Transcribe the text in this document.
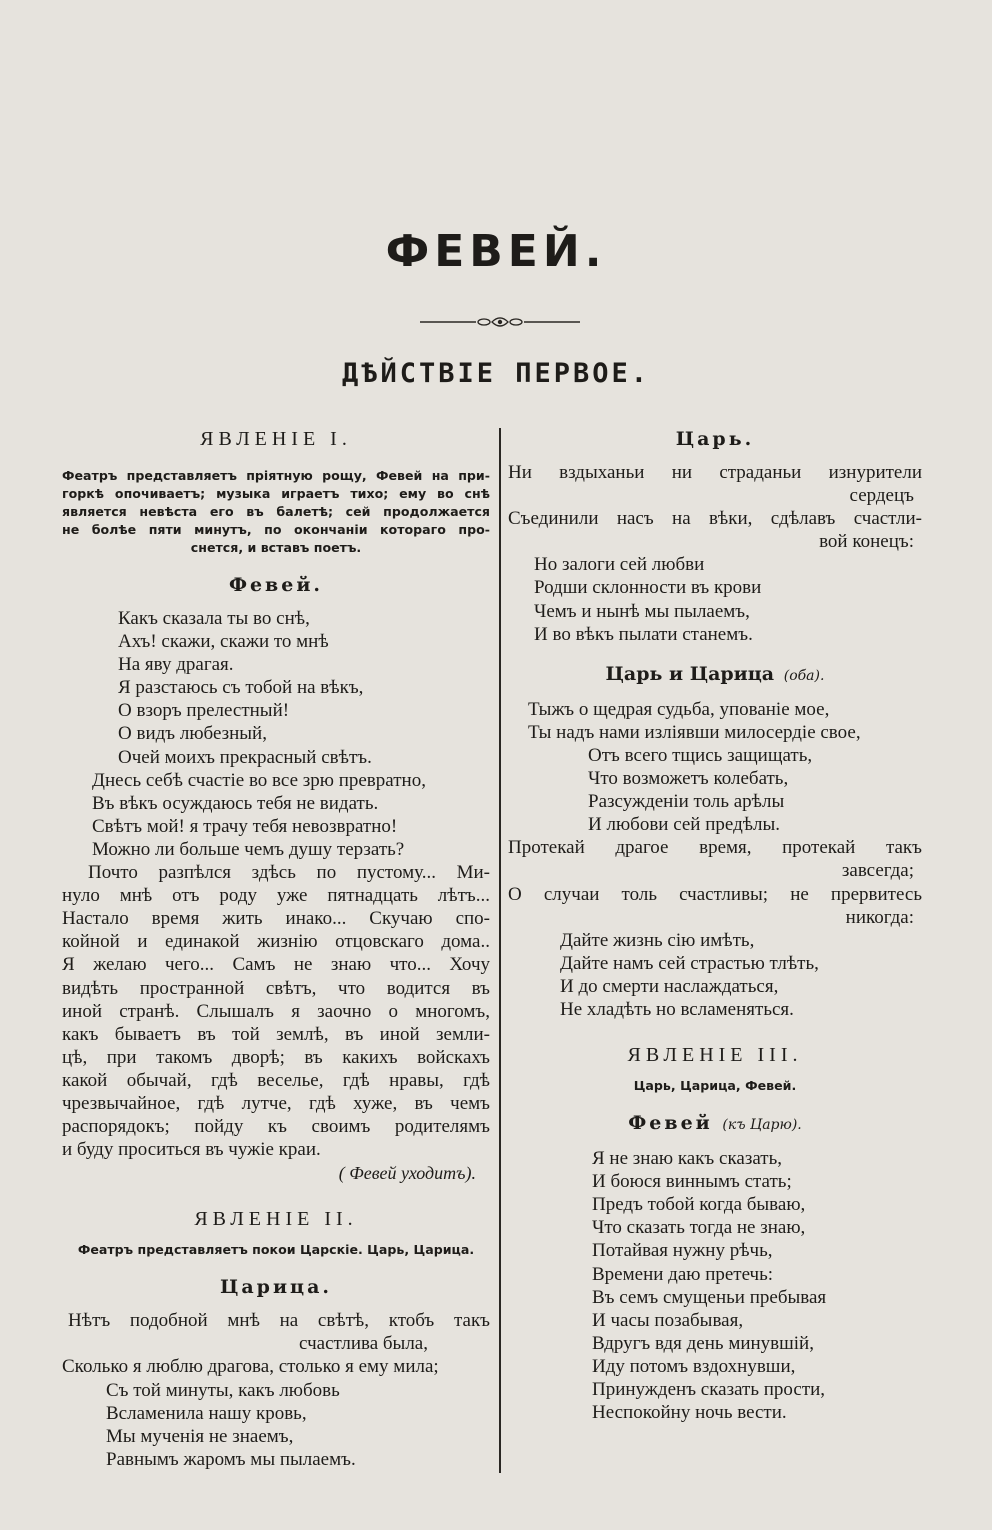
ФЕВЕЙ.
ДѢЙСТВІЕ ПЕРВОЕ.
ЯВЛЕНІЕ І.
Феатръ представляетъ пріятную рощу, Февей на при-
горкѣ опочиваетъ; музыка играетъ тихо; ему во снѣ
является невѣста его въ балетѣ; сей продолжается
не болѣе пяти минутъ, по окончаніи котораго про-
снется, и вставъ поетъ.
Февей.
Какъ сказала ты во снѣ,
Ахъ! скажи, скажи то мнѣ
На яву драгая.
Я разстаюсь съ тобой на вѣкъ,
О взоръ прелестный!
О видъ любезный,
Очей моихъ прекрасный свѣтъ.
Днесь себѣ счастіе во все зрю превратно,
Въ вѣкъ осуждаюсь тебя не видать.
Свѣтъ мой! я трачу тебя невозвратно!
Можно ли больше чемъ душу терзать?
Почто разпѣлся здѣсь по пустому... Ми-
нуло мнѣ отъ роду уже пятнадцать лѣтъ...
Настало время жить инако... Скучаю спо-
койной и единакой жизнію отцовскаго дома..
Я желаю чего... Самъ не знаю что... Хочу
видѣть пространной свѣтъ, что водится въ
иной странѣ. Слышалъ я заочно о многомъ,
какъ бываетъ въ той землѣ, въ иной земли-
цѣ, при такомъ дворѣ; въ какихъ войскахъ
какой обычай, гдѣ веселье, гдѣ нравы, гдѣ
чрезвычайное, гдѣ лутче, гдѣ хуже, въ чемъ
распорядокъ; пойду къ своимъ родителямъ
и буду проситься въ чужіе краи.
( Февей уходитъ).
ЯВЛЕНІЕ II.
Феатръ представляетъ покои Царскіе. Царь, Царица.
Царица.
Нѣтъ подобной мнѣ на свѣтѣ, ктобъ такъ
счастлива была,
Сколько я люблю драгова, столько я ему мила;
Съ той минуты, какъ любовь
Всламенила нашу кровь,
Мы мученія не знаемъ,
Равнымъ жаромъ мы пылаемъ.
Царь.
Ни вздыханьи ни страданьи изнурители
сердецъ
Съединили насъ на вѣки, сдѣлавъ счастли-
вой конецъ:
Но залоги сей любви
Родши склонности въ крови
Чемъ и нынѣ мы пылаемъ,
И во вѣкъ пылати станемъ.
Царь и Царица (оба).
Тыжъ о щедрая судьба, упованіе мое,
Ты надъ нами изліявши милосердіе свое,
Отъ всего тщись защищать,
Что возможетъ колебать,
Разсужденіи толь арѣлы
И любови сей предѣлы.
Протекай драгое время, протекай такъ
завсегда;
О случаи толь счастливы; не прервитесь
никогда:
Дайте жизнь сію имѣть,
Дайте намъ сей страстью тлѣть,
И до смерти наслаждаться,
Не хладѣть но всламеняться.
ЯВЛЕНІЕ III.
Царь, Царица, Февей.
Февей (къ Царю).
Я не знаю какъ сказать,
И боюся виннымъ стать;
Предъ тобой когда бываю,
Что сказать тогда не знаю,
Потайвая нужну рѣчь,
Времени даю претечь:
Въ семъ смущеньи пребывая
И часы позабывая,
Вдругъ вдя день минувшій,
Иду потомъ вздохнувши,
Принужденъ сказать прости,
Неспокойну ночь вести.
